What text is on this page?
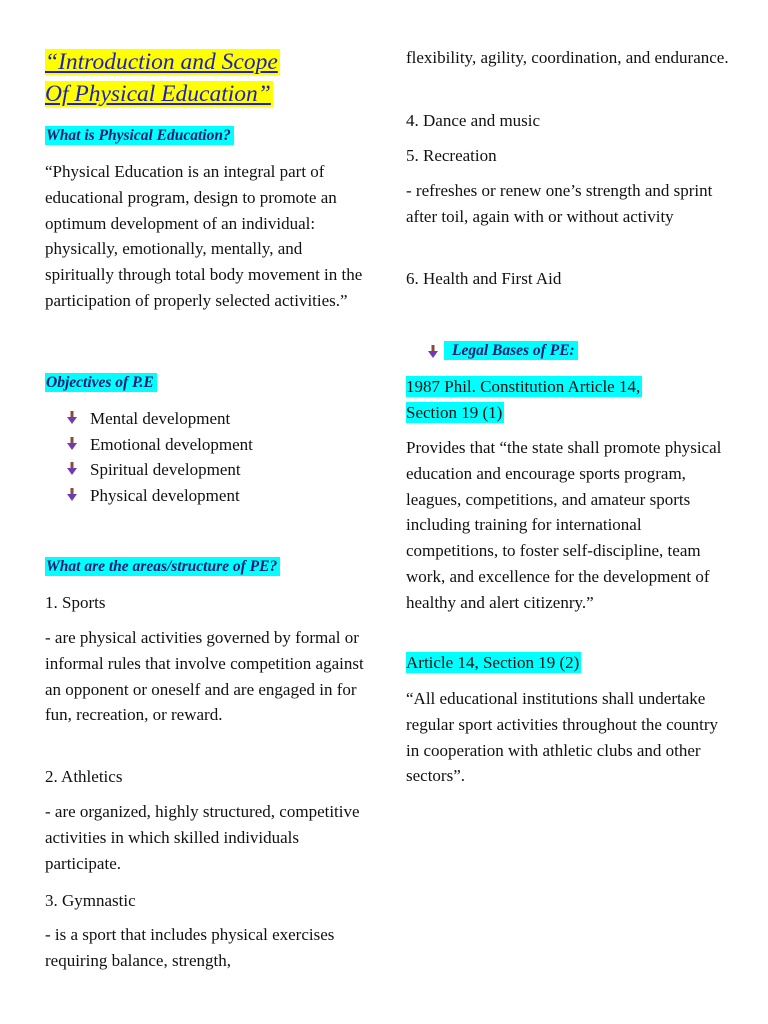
“Introduction and Scope
Of Physical Education”
What is Physical Education?

“Physical Education is an integral part of educational program, design to promote an optimum development of an individual: physically, emotionally, mentally, and spiritually through total body movement in the participation of properly selected activities.”

Objectives of P.E
Mental development
Emotional development
Spiritual development
Physical development
What are the areas/structure of PE?
1. Sports

- are physical activities governed by formal or informal rules that involve competition against an opponent or oneself and are engaged in for fun, recreation, or reward.

2. Athletics

- are organized, highly structured, competitive activities in which skilled individuals participate.

3. Gymnastic

- is a sport that includes physical exercises requiring balance, strength,

flexibility, agility, coordination, and endurance.

4. Dance and music
5. Recreation

- refreshes or renew one’s strength and sprint after toil, again with or without activity

6. Health and First Aid
Legal Bases of PE:
1987 Phil. Constitution Article 14,
Section 19 (1)

Provides that “the state shall promote physical education and encourage sports program, leagues, competitions, and amateur sports including training for international competitions, to foster self-discipline, team work, and excellence for the development of healthy and alert citizenry.”

Article 14, Section 19 (2)

“All educational institutions shall undertake regular sport activities throughout the country in cooperation with athletic clubs and other sectors”.
